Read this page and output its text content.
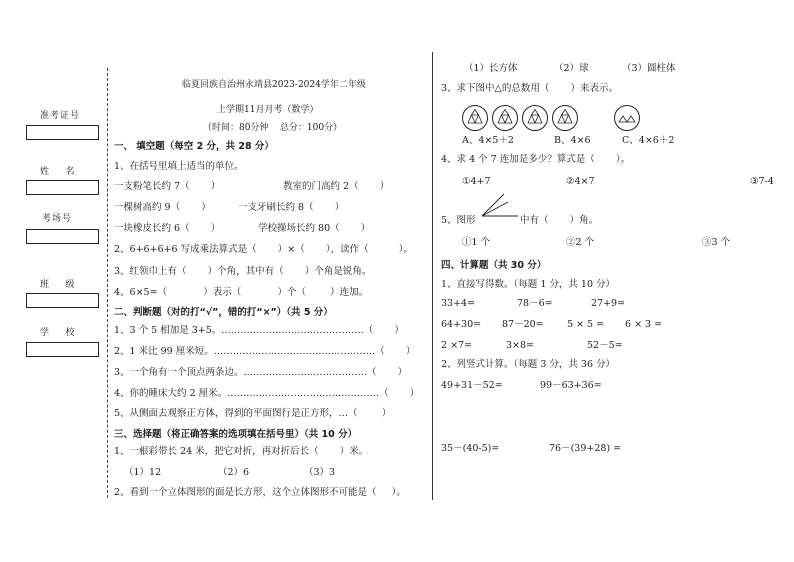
准考证号
姓    名
考场号
班    级
学    校
临夏回族自治州永靖县2023-2024学年二年级
上学期11月月考（数学）
（时间：80分钟    总分：100分）
一、 填空题（每空 2 分，共 28 分）
1、在括号里填上适当的单位。
一支粉笔长约 7（       ）	教室的门高约 2（       ）
一棵树高约 9（       ）	一支牙刷长约 8（       ）
一块橡皮长约 6（       ）	学校操场长约 80（       ）
2、6+6+6+6 写成乘法算式是（       ）×（       ），读作（          ）。
3、红领巾上有（       ）个角，其中有（       ）个角是锐角。
4、6×5=（            ）表示（            ）个（        ）连加。
二、判断题（对的打“√”，错的打“×”）（共 5 分）
1、3 个 5 相加是 3+5。………………………………………（       ）
2、1 米比 99 厘米短。……………………………………………（       ）
3、一个角有一个顶点两条边。…………………………………（       ）
4、你的睡床大约 2 厘米。…………………………………………（       ）
5、从侧面去观察正方体，得到的平面图行是正方形，…（        ）
三、选择题（将正确答案的选项填在括号里）（共 10 分）
1、一根彩带长 24 米，把它对折，再对折后长（       ）米。
（1）12	（2）6	（3）3
2、看到一个立体图形的面是长方形，这个立体图形不可能是（     ）。
（1）长方体	（2）球	（3）圆柱体
3、求下图中△的总数用（       ）来表示。
A、4×5＋2	B、4×6	C、4×6＋2
4、求 4 个 7 连加是多少？算式是（       ）。
①4+7	②4×7	③7-4
5、图形	中有（       ）角。
①1 个	②2 个	③3 个
四、计算题（共 30 分）
1、直接写得数。（每题 1 分，共 10 分）
33+4=	78－6=	27+9=
64+30= 87－20= 5 × 5 = 6 × 3 =
2 ×7=	3×8=	52－5=
2、列竖式计算。（每题 3 分，共 36 分）
49+31－52=	99－63+36=
35－(40-5)=	76－(39+28) =
